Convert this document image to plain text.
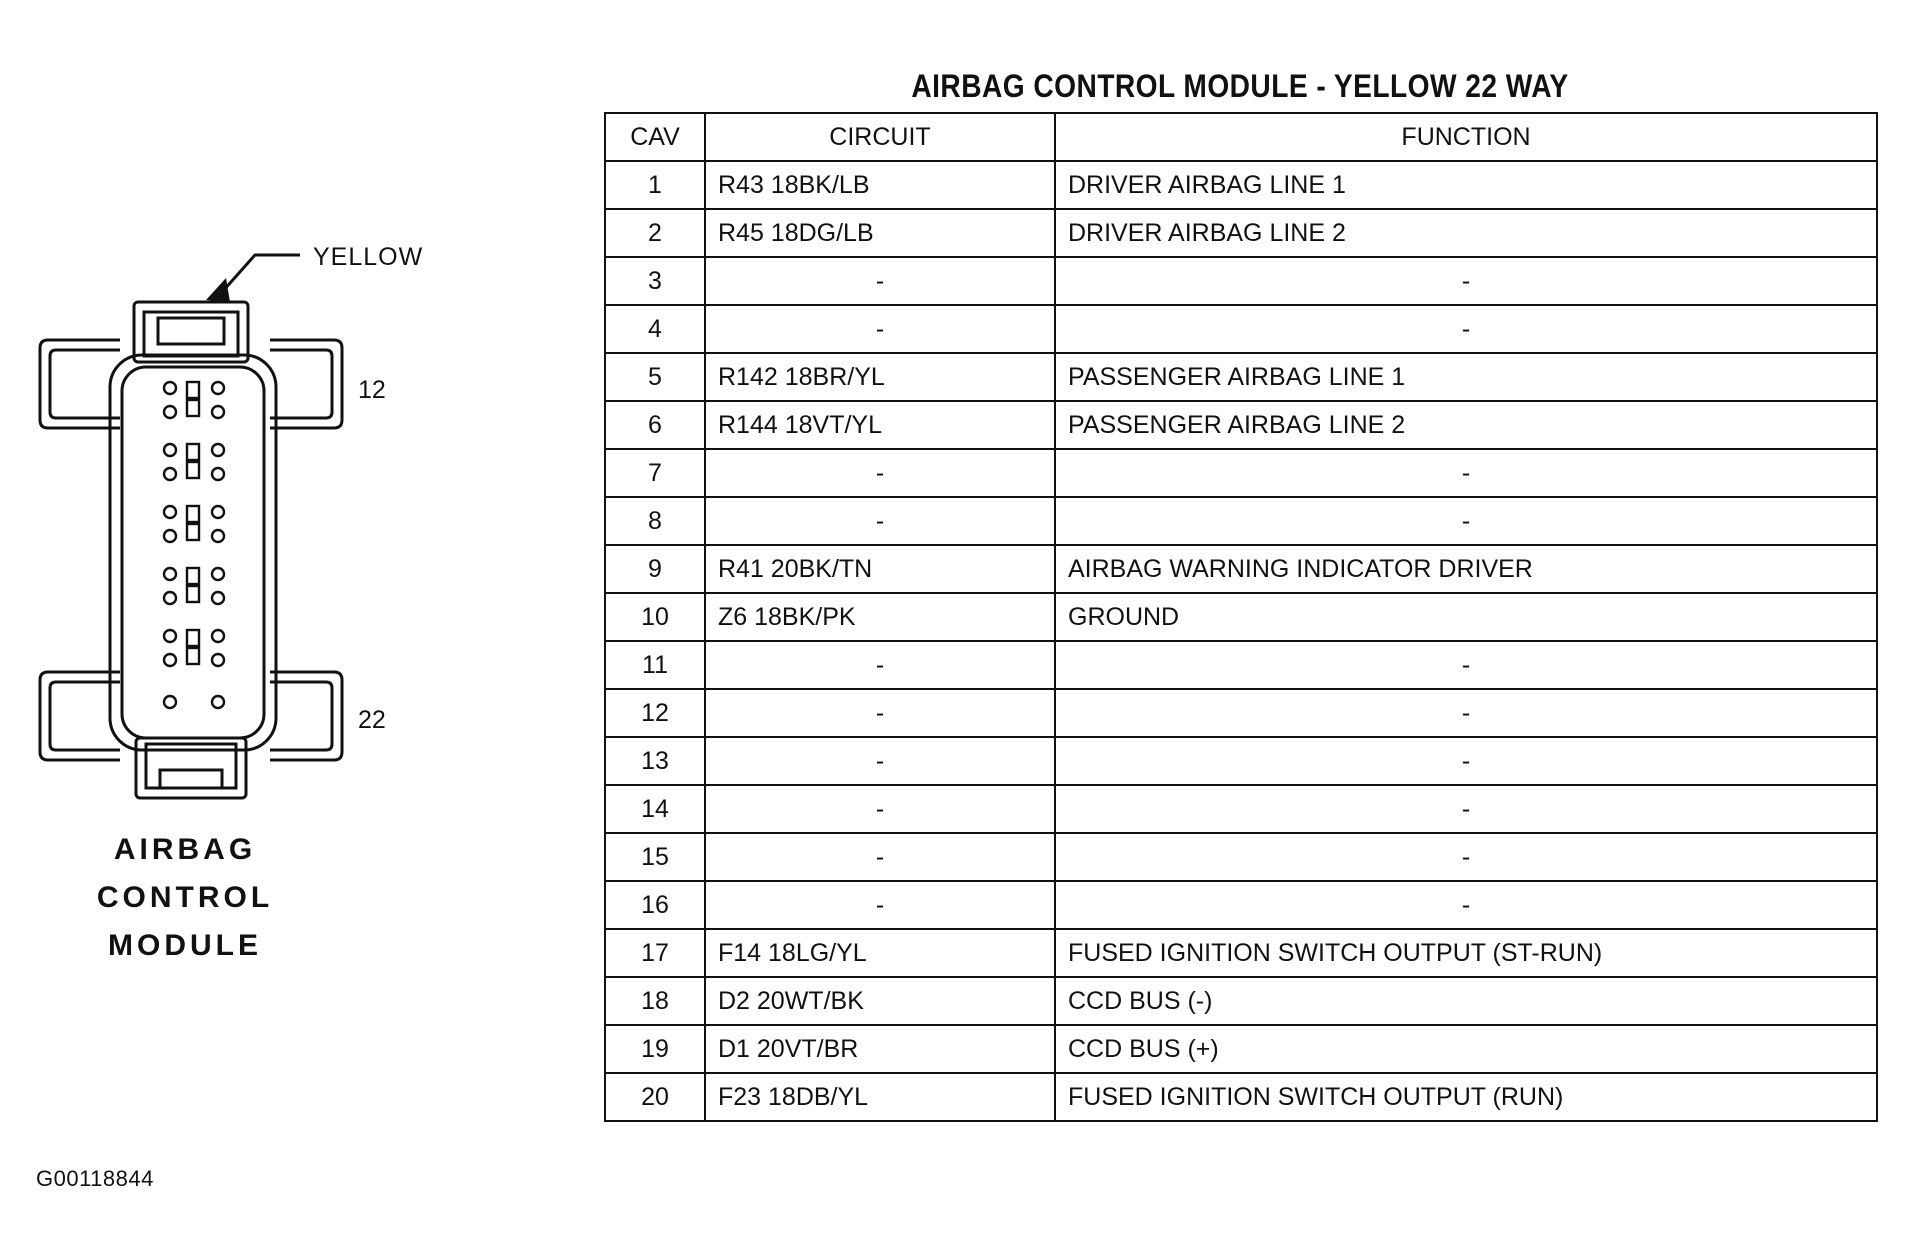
YELLOW
12
22
AIRBAG
CONTROL
MODULE
G00118844
AIRBAG CONTROL MODULE - YELLOW 22 WAY
CAV	CIRCUIT	FUNCTION
1	R43 18BK/LB	DRIVER AIRBAG LINE 1
2	R45 18DG/LB	DRIVER AIRBAG LINE 2
3	-	-
4	-	-
5	R142 18BR/YL	PASSENGER AIRBAG LINE 1
6	R144 18VT/YL	PASSENGER AIRBAG LINE 2
7	-	-
8	-	-
9	R41 20BK/TN	AIRBAG WARNING INDICATOR DRIVER
10	Z6 18BK/PK	GROUND
11	-	-
12	-	-
13	-	-
14	-	-
15	-	-
16	-	-
17	F14 18LG/YL	FUSED IGNITION SWITCH OUTPUT (ST-RUN)
18	D2 20WT/BK	CCD BUS (-)
19	D1 20VT/BR	CCD BUS (+)
20	F23 18DB/YL	FUSED IGNITION SWITCH OUTPUT (RUN)
